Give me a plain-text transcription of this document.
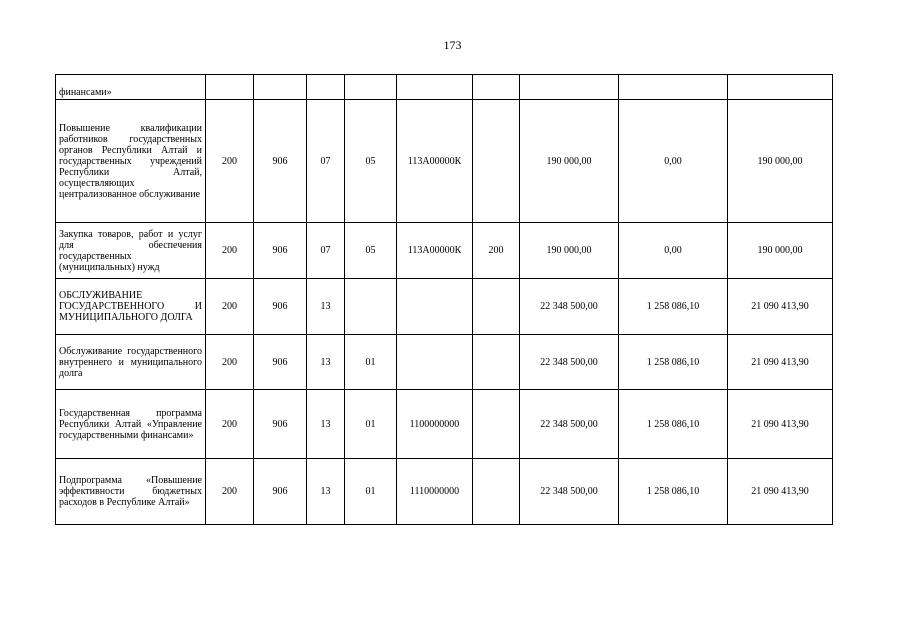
173
финансами»									
Повышение квалификации работников государственных органов Республики Алтай и государственных учреждений Республики Алтай, осуществляющих централизованное обслуживание	200	906	07	05	113А00000К		190 000,00	0,00	190 000,00
Закупка товаров, работ и услуг для обеспечения государственных (муниципальных) нужд	200	906	07	05	113А00000К	200	190 000,00	0,00	190 000,00
ОБСЛУЖИВАНИЕ ГОСУДАРСТВЕННОГО И МУНИЦИПАЛЬНОГО ДОЛГА	200	906	13				22 348 500,00	1 258 086,10	21 090 413,90
Обслуживание государственного внутреннего и муниципального долга	200	906	13	01			22 348 500,00	1 258 086,10	21 090 413,90
Государственная программа Республики Алтай «Управление государственными финансами»	200	906	13	01	1100000000		22 348 500,00	1 258 086,10	21 090 413,90
Подпрограмма «Повышение эффективности бюджетных расходов в Республике Алтай»	200	906	13	01	1110000000		22 348 500,00	1 258 086,10	21 090 413,90
